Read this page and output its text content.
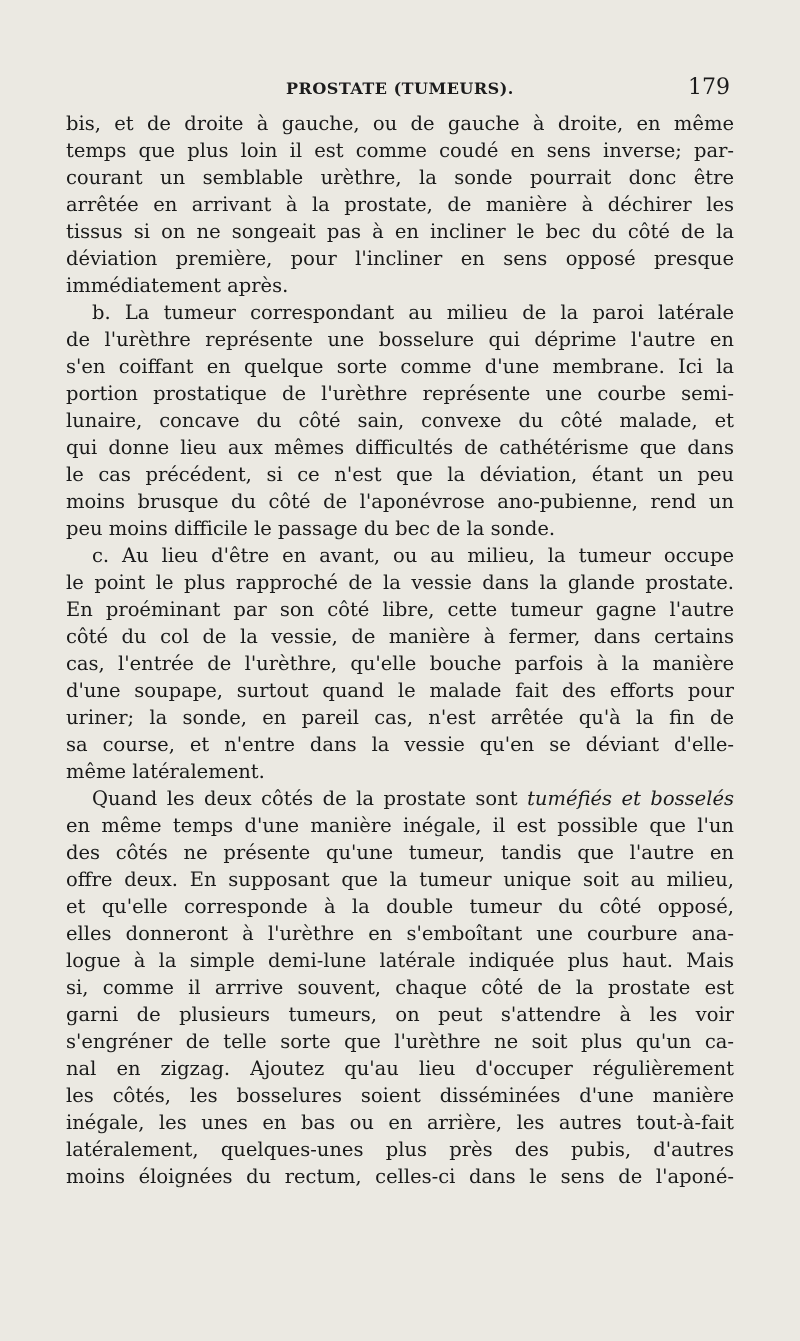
PROSTATE (TUMEURS).	179
bis, et de droite à gauche, ou de gauche à droite, en même
temps que plus loin il est comme coudé en sens inverse; par-
courant un semblable urèthre, la sonde pourrait donc être
arrêtée en arrivant à la prostate, de manière à déchirer les
tissus si on ne songeait pas à en incliner le bec du côté de la
déviation première, pour l'incliner en sens opposé presque
immédiatement après.
b. La tumeur correspondant au milieu de la paroi latérale
de l'urèthre représente une bosselure qui déprime l'autre en
s'en coiffant en quelque sorte comme d'une membrane. Ici la
portion prostatique de l'urèthre représente une courbe semi-
lunaire, concave du côté sain, convexe du côté malade, et
qui donne lieu aux mêmes difficultés de cathétérisme que dans
le cas précédent, si ce n'est que la déviation, étant un peu
moins brusque du côté de l'aponévrose ano-pubienne, rend un
peu moins difficile le passage du bec de la sonde.
c. Au lieu d'être en avant, ou au milieu, la tumeur occupe
le point le plus rapproché de la vessie dans la glande prostate.
En proéminant par son côté libre, cette tumeur gagne l'autre
côté du col de la vessie, de manière à fermer, dans certains
cas, l'entrée de l'urèthre, qu'elle bouche parfois à la manière
d'une soupape, surtout quand le malade fait des efforts pour
uriner; la sonde, en pareil cas, n'est arrêtée qu'à la fin de
sa course, et n'entre dans la vessie qu'en se déviant d'elle-
même latéralement.
Quand les deux côtés de la prostate sont tuméfiés et bosselés
en même temps d'une manière inégale, il est possible que l'un
des côtés ne présente qu'une tumeur, tandis que l'autre en
offre deux. En supposant que la tumeur unique soit au milieu,
et qu'elle corresponde à la double tumeur du côté opposé,
elles donneront à l'urèthre en s'emboîtant une courbure ana-
logue à la simple demi-lune latérale indiquée plus haut. Mais
si, comme il arrrive souvent, chaque côté de la prostate est
garni de plusieurs tumeurs, on peut s'attendre à les voir
s'engréner de telle sorte que l'urèthre ne soit plus qu'un ca-
nal en zigzag. Ajoutez qu'au lieu d'occuper régulièrement
les côtés, les bosselures soient disséminées d'une manière
inégale, les unes en bas ou en arrière, les autres tout-à-fait
latéralement, quelques-unes plus près des pubis, d'autres
moins éloignées du rectum, celles-ci dans le sens de l'aponé-
